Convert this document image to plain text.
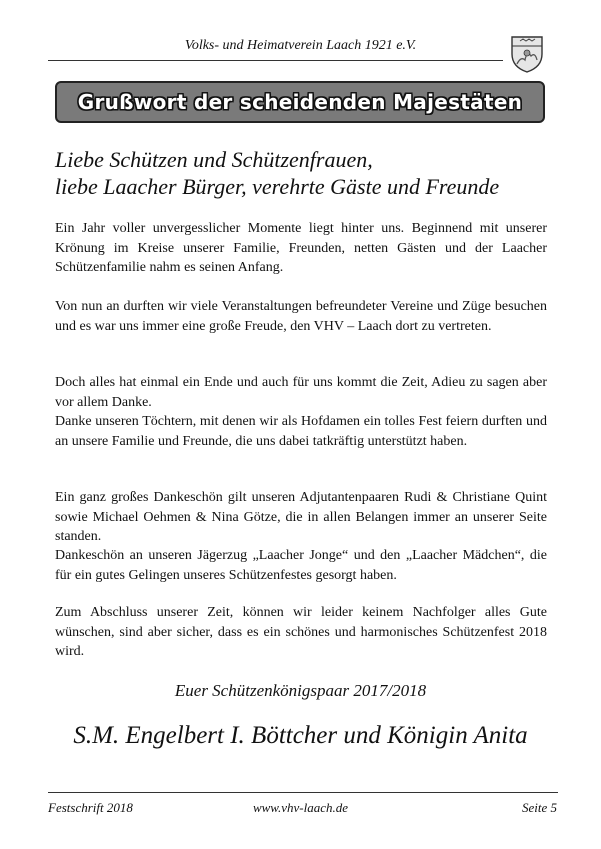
Volks- und Heimatverein Laach 1921 e.V.
Grußwort der scheidenden Majestäten
Liebe Schützen und Schützenfrauen,
liebe Laacher Bürger, verehrte Gäste und Freunde

Ein Jahr voller unvergesslicher Momente liegt hinter uns. Beginnend mit unserer Krönung im Kreise unserer Familie, Freunden, netten Gästen und der Laacher Schützenfamilie nahm es seinen Anfang.

Von nun an durften wir viele Veranstaltungen befreundeter Vereine und Züge besuchen und es war uns immer eine große Freude, den VHV – Laach dort zu vertreten.

Doch alles hat einmal ein Ende und auch für uns kommt die Zeit, Adieu zu sagen aber vor allem Danke.

Danke unseren Töchtern, mit denen wir als Hofdamen ein tolles Fest feiern durften und an unsere Familie und Freunde, die uns dabei tatkräftig unterstützt haben.

Ein ganz großes Dankeschön gilt unseren Adjutantenpaaren Rudi & Christiane Quint sowie Michael Oehmen & Nina Götze, die in allen Belangen immer an unserer Seite standen.

Dankeschön an unseren Jägerzug „Laacher Jonge“ und den „Laacher Mädchen“, die für ein gutes Gelingen unseres Schützenfestes gesorgt haben.

Zum Abschluss unserer Zeit, können wir leider keinem Nachfolger alles Gute wünschen, sind aber sicher, dass es ein schönes und harmonisches Schützenfest 2018 wird.

Euer Schützenkönigspaar 2017/2018
S.M. Engelbert I. Böttcher und Königin Anita
Festschrift 2018	www.vhv-laach.de	Seite 5
